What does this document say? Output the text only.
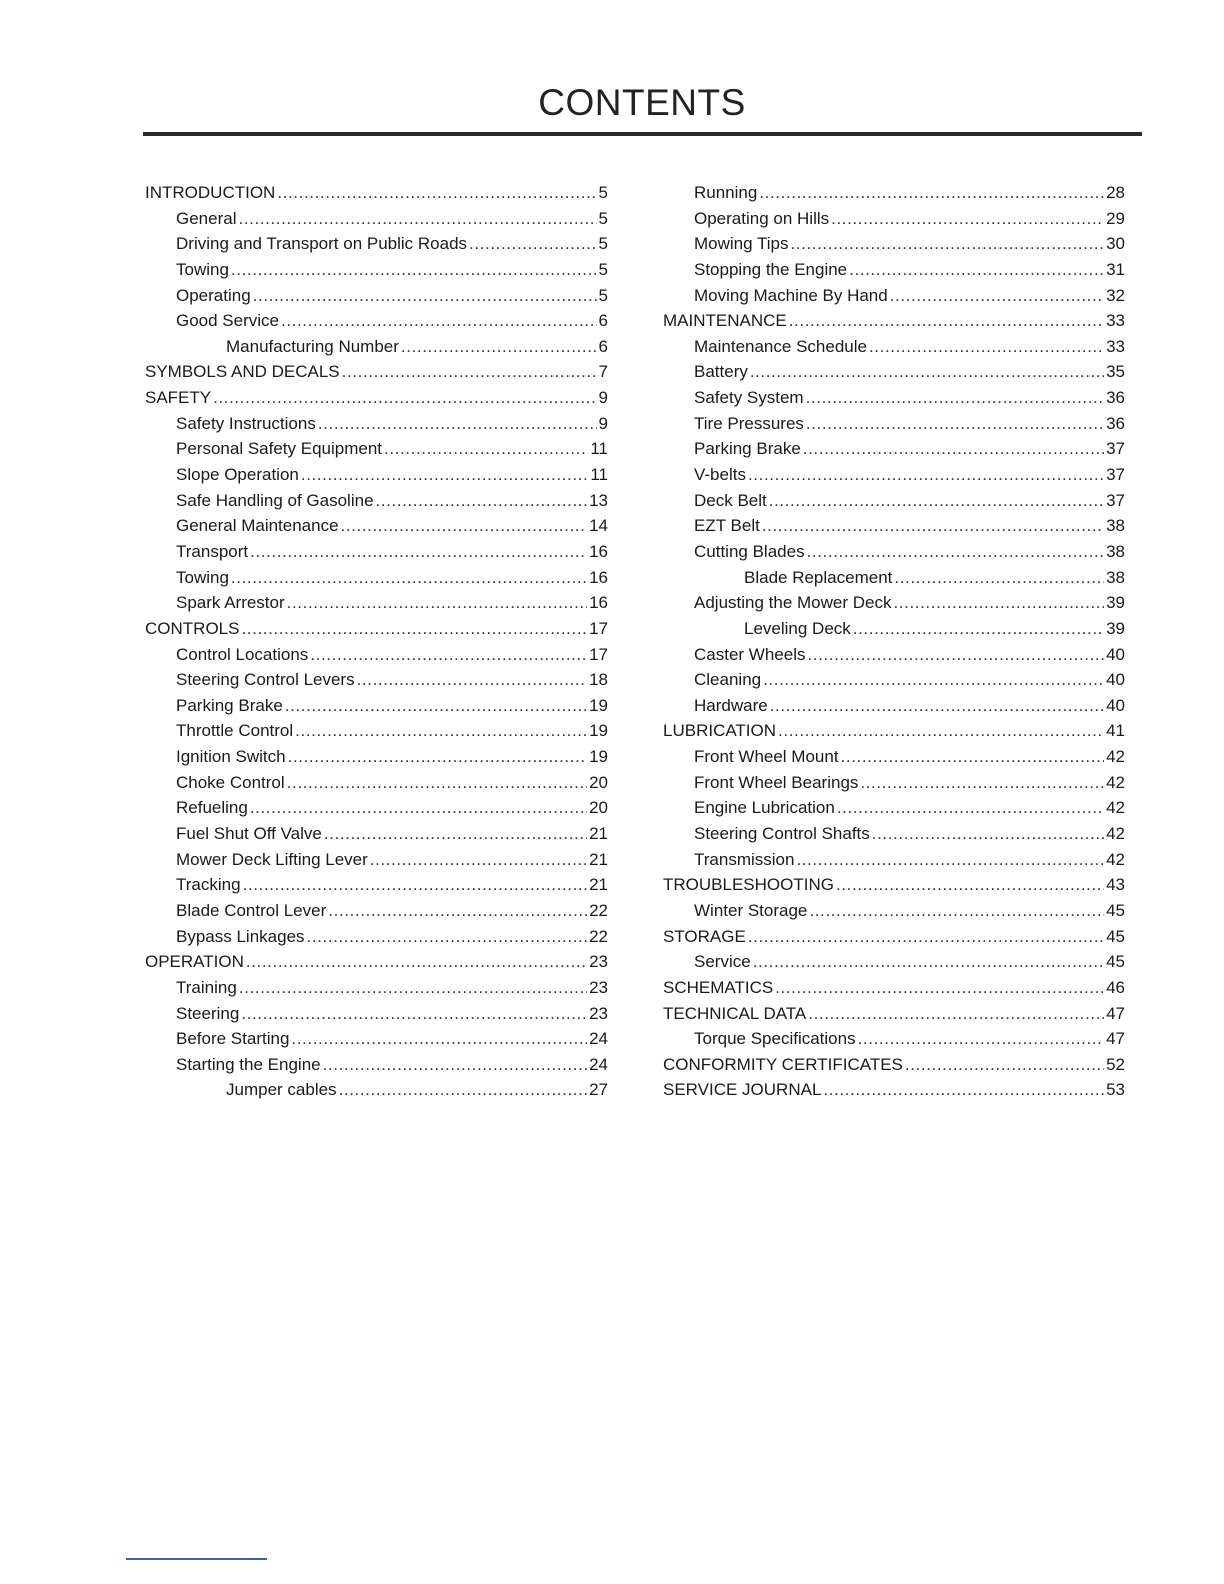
CONTENTS
INTRODUCTION .....	5
General .....	5
Driving and Transport on Public Roads .....	5
Towing .....	5
Operating .....	5
Good Service .....	6
Manufacturing Number .....	6
SYMBOLS AND DECALS .....	7
SAFETY .....	9
Safety Instructions .....	9
Personal Safety Equipment .....	11
Slope Operation .....	11
Safe Handling of Gasoline .....	13
General Maintenance .....	14
Transport .....	16
Towing .....	16
Spark Arrestor .....	16
CONTROLS .....	17
Control Locations .....	17
Steering Control Levers .....	18
Parking Brake .....	19
Throttle Control .....	19
Ignition Switch .....	19
Choke Control .....	20
Refueling .....	20
Fuel Shut Off Valve .....	21
Mower Deck Lifting Lever .....	21
Tracking .....	21
Blade Control Lever .....	22
Bypass Linkages .....	22
OPERATION .....	23
Training .....	23
Steering .....	23
Before Starting .....	24
Starting the Engine .....	24
Jumper cables .....	27
Running .....	28
Operating on Hills .....	29
Mowing Tips .....	30
Stopping the Engine .....	31
Moving Machine By Hand .....	32
MAINTENANCE .....	33
Maintenance Schedule .....	33
Battery .....	35
Safety System .....	36
Tire Pressures .....	36
Parking Brake .....	37
V-belts .....	37
Deck Belt .....	37
EZT Belt .....	38
Cutting Blades .....	38
Blade Replacement .....	38
Adjusting the Mower Deck .....	39
Leveling Deck .....	39
Caster Wheels .....	40
Cleaning .....	40
Hardware .....	40
LUBRICATION .....	41
Front Wheel Mount .....	42
Front Wheel Bearings .....	42
Engine Lubrication .....	42
Steering Control Shafts .....	42
Transmission .....	42
TROUBLESHOOTING .....	43
Winter Storage .....	45
STORAGE .....	45
Service .....	45
SCHEMATICS .....	46
TECHNICAL DATA .....	47
Torque Specifications .....	47
CONFORMITY CERTIFICATES .....	52
SERVICE JOURNAL .....	53
